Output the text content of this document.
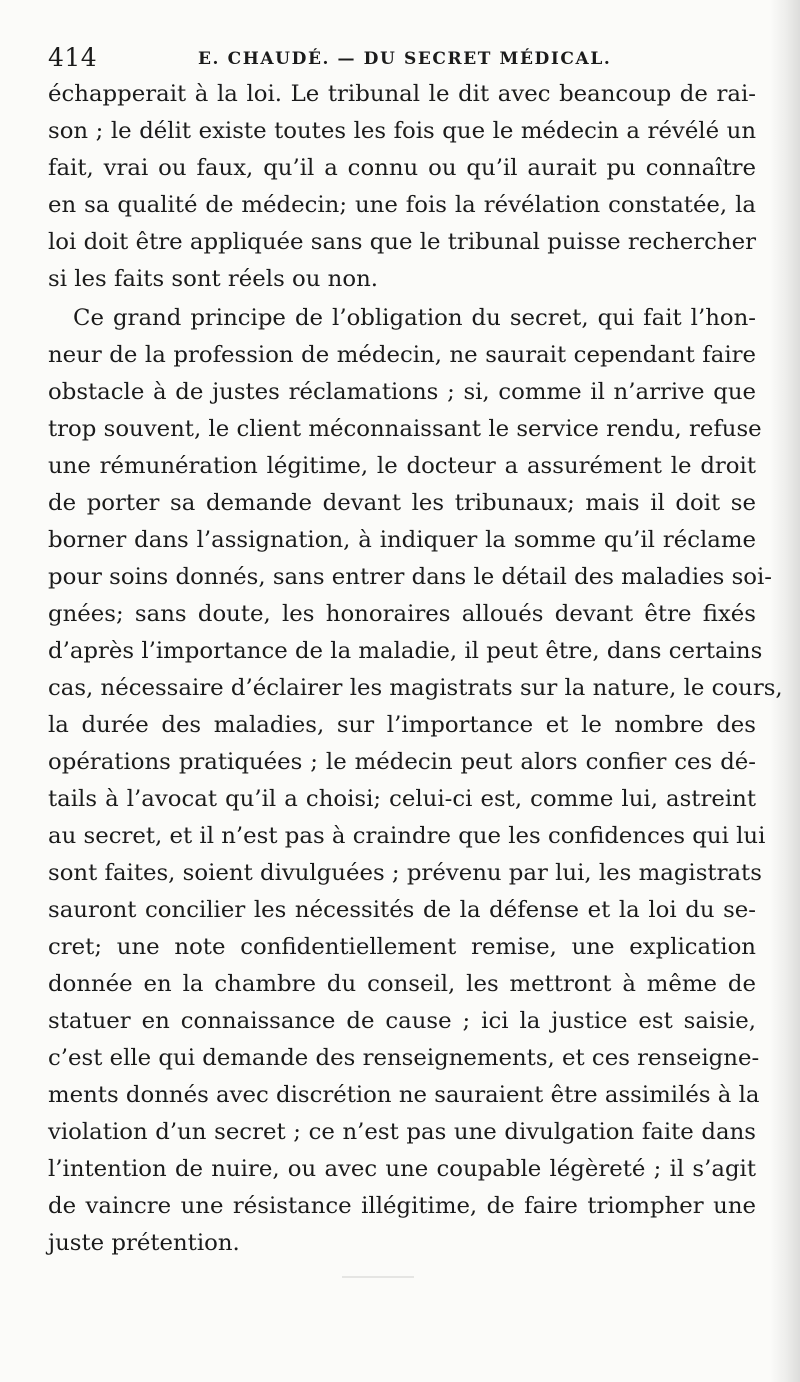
414	E. CHAUDÉ. — DU SECRET MÉDICAL.
échapperait à la loi. Le tribunal le dit avec beancoup de rai-
son ; le délit existe toutes les fois que le médecin a révélé un
fait, vrai ou faux, qu’il a connu ou qu’il aurait pu connaître
en sa qualité de médecin; une fois la révélation constatée, la
loi doit être appliquée sans que le tribunal puisse rechercher
si les faits sont réels ou non.
Ce grand principe de l’obligation du secret, qui fait l’hon-
neur de la profession de médecin, ne saurait cependant faire
obstacle à de justes réclamations ; si, comme il n’arrive que
trop souvent, le client méconnaissant le service rendu, refuse
une rémunération légitime, le docteur a assurément le droit
de porter sa demande devant les tribunaux; mais il doit se
borner dans l’assignation, à indiquer la somme qu’il réclame
pour soins donnés, sans entrer dans le détail des maladies soi-
gnées; sans doute, les honoraires alloués devant être fixés
d’après l’importance de la maladie, il peut être, dans certains
cas, nécessaire d’éclairer les magistrats sur la nature, le cours,
la durée des maladies, sur l’importance et le nombre des
opérations pratiquées ; le médecin peut alors confier ces dé-
tails à l’avocat qu’il a choisi; celui-ci est, comme lui, astreint
au secret, et il n’est pas à craindre que les confidences qui lui
sont faites, soient divulguées ; prévenu par lui, les magistrats
sauront concilier les nécessités de la défense et la loi du se-
cret; une note confidentiellement remise, une explication
donnée en la chambre du conseil, les mettront à même de
statuer en connaissance de cause ; ici la justice est saisie,
c’est elle qui demande des renseignements, et ces renseigne-
ments donnés avec discrétion ne sauraient être assimilés à la
violation d’un secret ; ce n’est pas une divulgation faite dans
l’intention de nuire, ou avec une coupable légèreté ; il s’agit
de vaincre une résistance illégitime, de faire triompher une
juste prétention.
